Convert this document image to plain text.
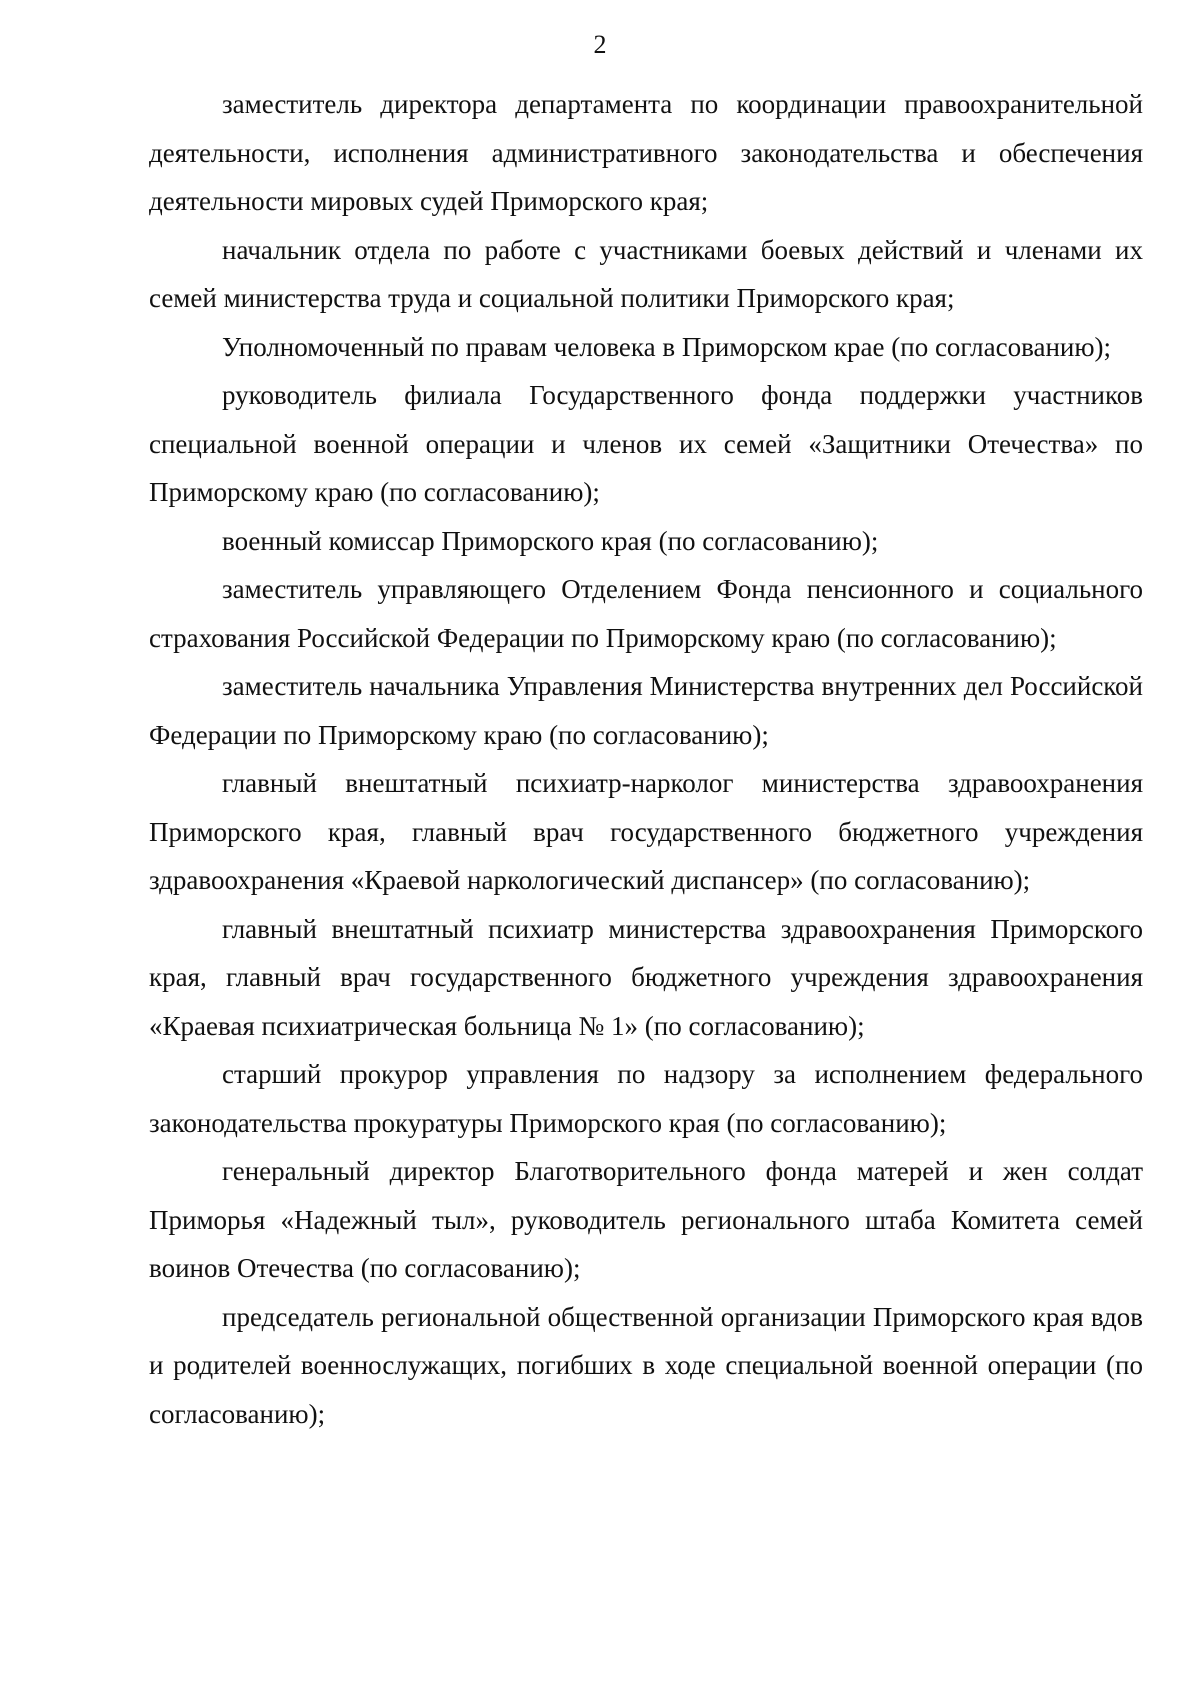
2

заместитель директора департамента по координации правоохранительной деятельности, исполнения административного законодательства и обеспечения деятельности мировых судей Приморского края;

начальник отдела по работе с участниками боевых действий и членами их семей министерства труда и социальной политики Приморского края;

Уполномоченный по правам человека в Приморском крае (по согласованию);

руководитель филиала Государственного фонда поддержки участников специальной военной операции и членов их семей «Защитники Отечества» по Приморскому краю (по согласованию);

военный комиссар Приморского края (по согласованию);

заместитель управляющего Отделением Фонда пенсионного и социального страхования Российской Федерации по Приморскому краю (по согласованию);

заместитель начальника Управления Министерства внутренних дел Российской Федерации по Приморскому краю (по согласованию);

главный внештатный психиатр-нарколог министерства здравоохранения Приморского края, главный врач государственного бюджетного учреждения здравоохранения «Краевой наркологический диспансер» (по согласованию);

главный внештатный психиатр министерства здравоохранения Приморского края, главный врач государственного бюджетного учреждения здравоохранения «Краевая психиатрическая больница № 1» (по согласованию);

старший прокурор управления по надзору за исполнением федерального законодательства прокуратуры Приморского края (по согласованию);

генеральный директор Благотворительного фонда матерей и жен солдат Приморья «Надежный тыл», руководитель регионального штаба Комитета семей воинов Отечества (по согласованию);

председатель региональной общественной организации Приморского края вдов и родителей военнослужащих, погибших в ходе специальной военной операции (по согласованию);
